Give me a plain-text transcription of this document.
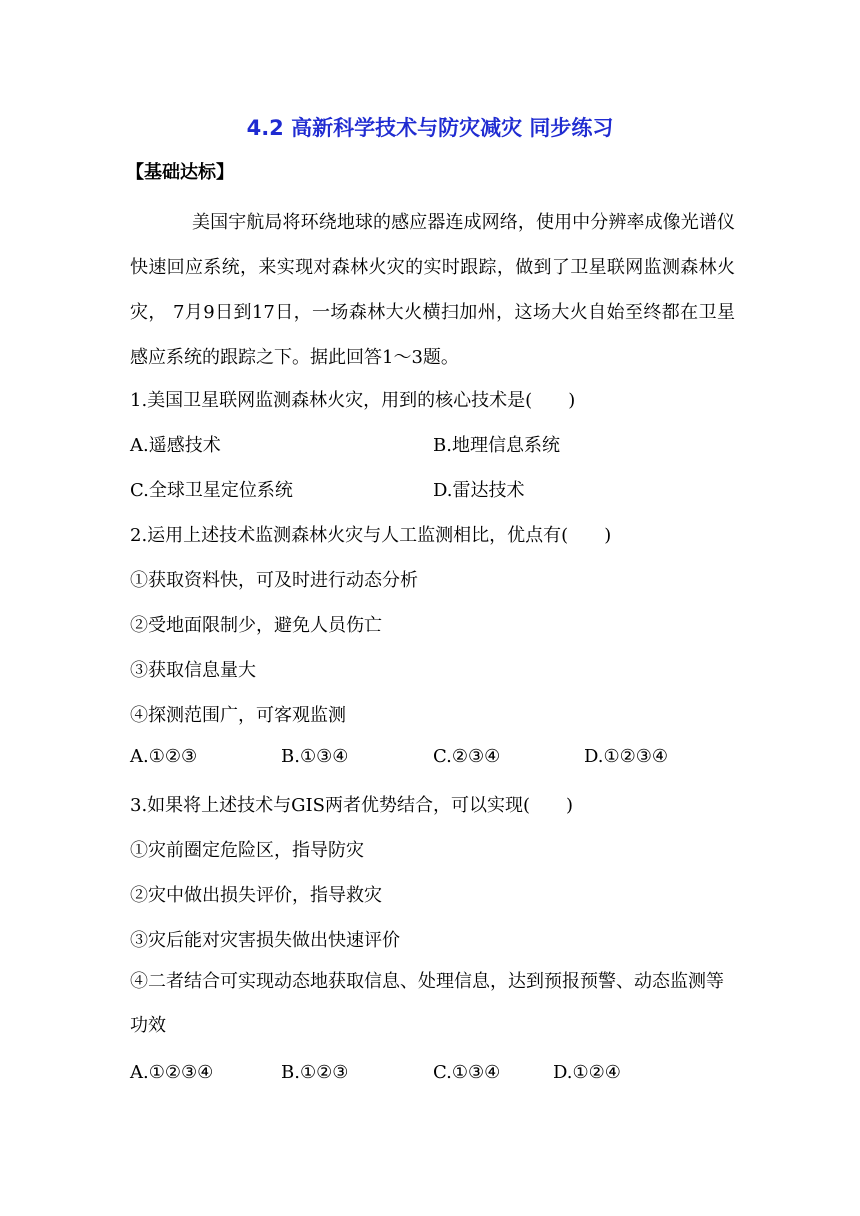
4.2 高新科学技术与防灾减灾 同步练习
【基础达标】
美国宇航局将环绕地球的感应器连成网络，使用中分辨率成像光谱仪快速回应系统，来实现对森林火灾的实时跟踪，做到了卫星联网监测森林火灾， 7月9日到17日，一场森林大火横扫加州，这场大火自始至终都在卫星感应系统的跟踪之下。据此回答1～3题。
1.美国卫星联网监测森林火灾，用到的核心技术是(　　)
A.遥感技术	B.地理信息系统
C.全球卫星定位系统	D.雷达技术
2.运用上述技术监测森林火灾与人工监测相比，优点有(　　)
①获取资料快，可及时进行动态分析
②受地面限制少，避免人员伤亡
③获取信息量大
④探测范围广，可客观监测
A.①②③	B.①③④	C.②③④	D.①②③④
3.如果将上述技术与GIS两者优势结合，可以实现(　　)
①灾前圈定危险区，指导防灾
②灾中做出损失评价，指导救灾
③灾后能对灾害损失做出快速评价
④二者结合可实现动态地获取信息、处理信息，达到预报预警、动态监测等功效
A.①②③④	B.①②③	C.①③④	D.①②④
